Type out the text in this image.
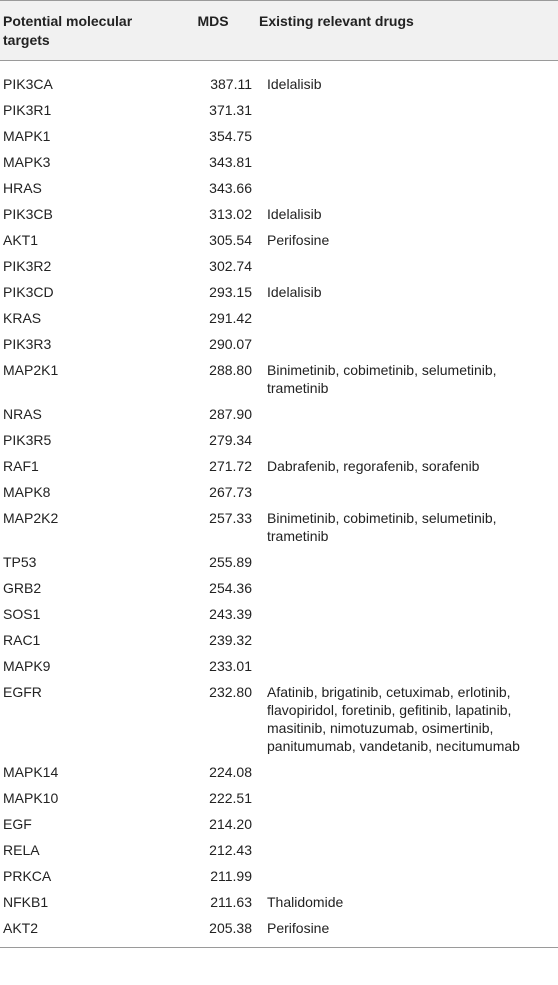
Potential molecular targets	MDS	Existing relevant drugs
PIK3CA	387.11	Idelalisib
PIK3R1	371.31	
MAPK1	354.75	
MAPK3	343.81	
HRAS	343.66	
PIK3CB	313.02	Idelalisib
AKT1	305.54	Perifosine
PIK3R2	302.74	
PIK3CD	293.15	Idelalisib
KRAS	291.42	
PIK3R3	290.07	
MAP2K1	288.80	Binimetinib, cobimetinib, selumetinib, trametinib
NRAS	287.90	
PIK3R5	279.34	
RAF1	271.72	Dabrafenib, regorafenib, sorafenib
MAPK8	267.73	
MAP2K2	257.33	Binimetinib, cobimetinib, selumetinib, trametinib
TP53	255.89	
GRB2	254.36	
SOS1	243.39	
RAC1	239.32	
MAPK9	233.01	
EGFR	232.80	Afatinib, brigatinib, cetuximab, erlotinib, flavopiridol, foretinib, gefitinib, lapatinib, masitinib, nimotuzumab, osimertinib, panitumumab, vandetanib, necitumumab
MAPK14	224.08	
MAPK10	222.51	
EGF	214.20	
RELA	212.43	
PRKCA	211.99	
NFKB1	211.63	Thalidomide
AKT2	205.38	Perifosine
